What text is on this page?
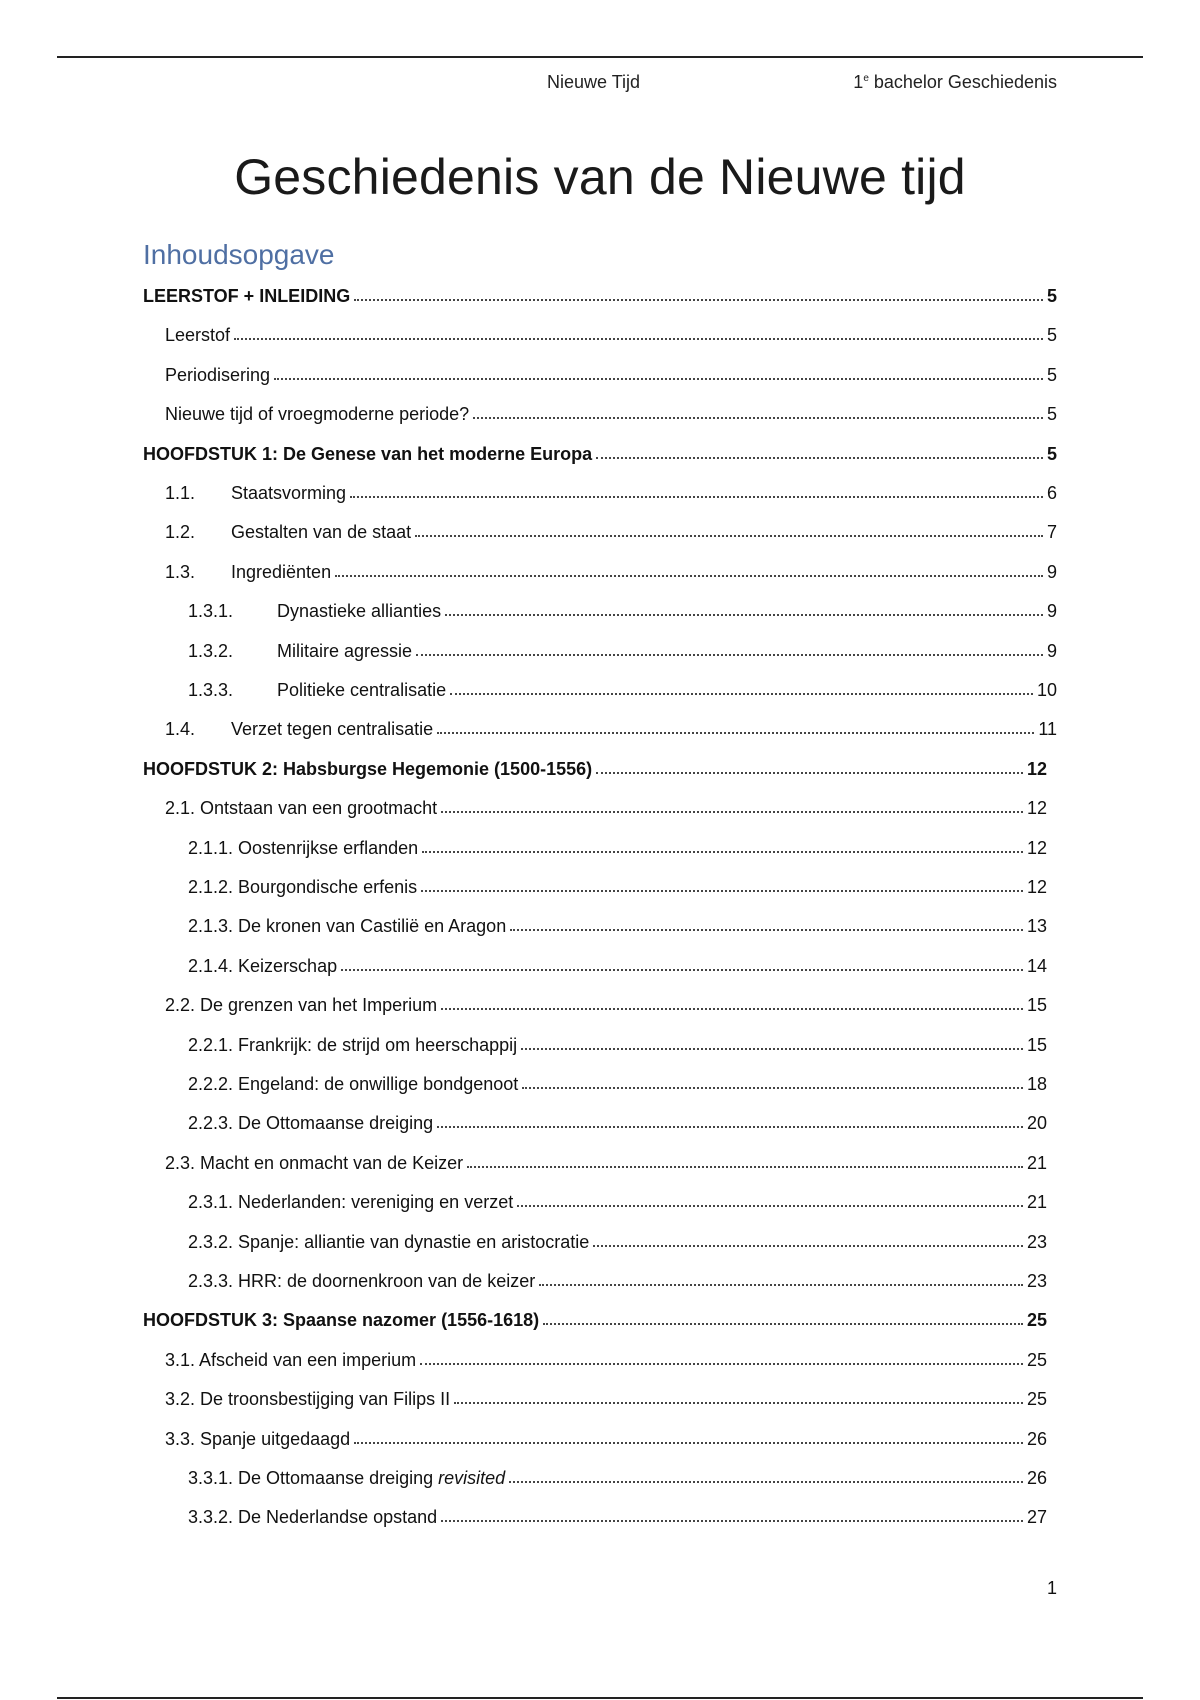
Nieuwe Tijd	1e bachelor Geschiedenis
Geschiedenis van de Nieuwe tijd
Inhoudsopgave
LEERSTOF + INLEIDING	5
Leerstof	5
Periodisering	5
Nieuwe tijd of vroegmoderne periode?	5
HOOFDSTUK 1: De Genese van het moderne Europa	5
1.1.	Staatsvorming	6
1.2.	Gestalten van de staat	7
1.3.	Ingrediënten	9
1.3.1.	Dynastieke allianties	9
1.3.2.	Militaire agressie	9
1.3.3.	Politieke centralisatie	10
1.4.	Verzet tegen centralisatie	11
HOOFDSTUK 2: Habsburgse Hegemonie (1500-1556)	12
2.1. Ontstaan van een grootmacht	12
2.1.1. Oostenrijkse erflanden	12
2.1.2. Bourgondische erfenis	12
2.1.3. De kronen van Castilië en Aragon	13
2.1.4. Keizerschap	14
2.2. De grenzen van het Imperium	15
2.2.1. Frankrijk: de strijd om heerschappij	15
2.2.2. Engeland: de onwillige bondgenoot	18
2.2.3. De Ottomaanse dreiging	20
2.3. Macht en onmacht van de Keizer	21
2.3.1. Nederlanden: vereniging en verzet	21
2.3.2. Spanje: alliantie van dynastie en aristocratie	23
2.3.3. HRR: de doornenkroon van de keizer	23
HOOFDSTUK 3: Spaanse nazomer (1556-1618)	25
3.1. Afscheid van een imperium	25
3.2. De troonsbestijging van Filips II	25
3.3. Spanje uitgedaagd	26
3.3.1. De Ottomaanse dreiging revisited	26
3.3.2. De Nederlandse opstand	27
1
